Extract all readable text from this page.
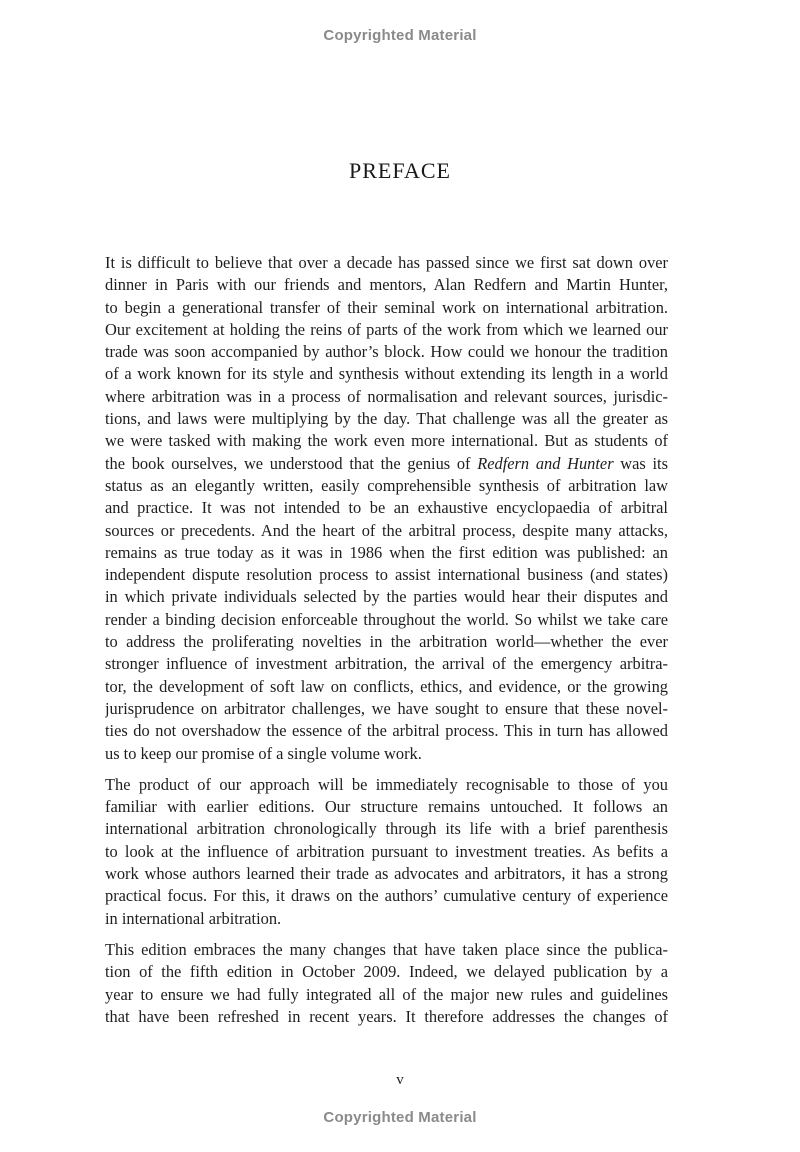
Copyrighted Material
PREFACE
It is difficult to believe that over a decade has passed since we first sat down over
dinner in Paris with our friends and mentors, Alan Redfern and Martin Hunter,
to begin a generational transfer of their seminal work on international arbitration.
Our excitement at holding the reins of parts of the work from which we learned our
trade was soon accompanied by author’s block. How could we honour the tradition
of a work known for its style and synthesis without extending its length in a world
where arbitration was in a process of normalisation and relevant sources, jurisdic-
tions, and laws were multiplying by the day. That challenge was all the greater as
we were tasked with making the work even more international. But as students of
the book ourselves, we understood that the genius of Redfern and Hunter was its
status as an elegantly written, easily comprehensible synthesis of arbitration law
and practice. It was not intended to be an exhaustive encyclopaedia of arbitral
sources or precedents. And the heart of the arbitral process, despite many attacks,
remains as true today as it was in 1986 when the first edition was published: an
independent dispute resolution process to assist international business (and states)
in which private individuals selected by the parties would hear their disputes and
render a binding decision enforceable throughout the world. So whilst we take care
to address the proliferating novelties in the arbitration world—whether the ever
stronger influence of investment arbitration, the arrival of the emergency arbitra-
tor, the development of soft law on conflicts, ethics, and evidence, or the growing
jurisprudence on arbitrator challenges, we have sought to ensure that these novel-
ties do not overshadow the essence of the arbitral process. This in turn has allowed
us to keep our promise of a single volume work.
The product of our approach will be immediately recognisable to those of you
familiar with earlier editions. Our structure remains untouched. It follows an
international arbitration chronologically through its life with a brief parenthesis
to look at the influence of arbitration pursuant to investment treaties. As befits a
work whose authors learned their trade as advocates and arbitrators, it has a strong
practical focus. For this, it draws on the authors’ cumulative century of experience
in international arbitration.
This edition embraces the many changes that have taken place since the publica-
tion of the fifth edition in October 2009. Indeed, we delayed publication by a
year to ensure we had fully integrated all of the major new rules and guidelines
that have been refreshed in recent years. It therefore addresses the changes of
v
Copyrighted Material
